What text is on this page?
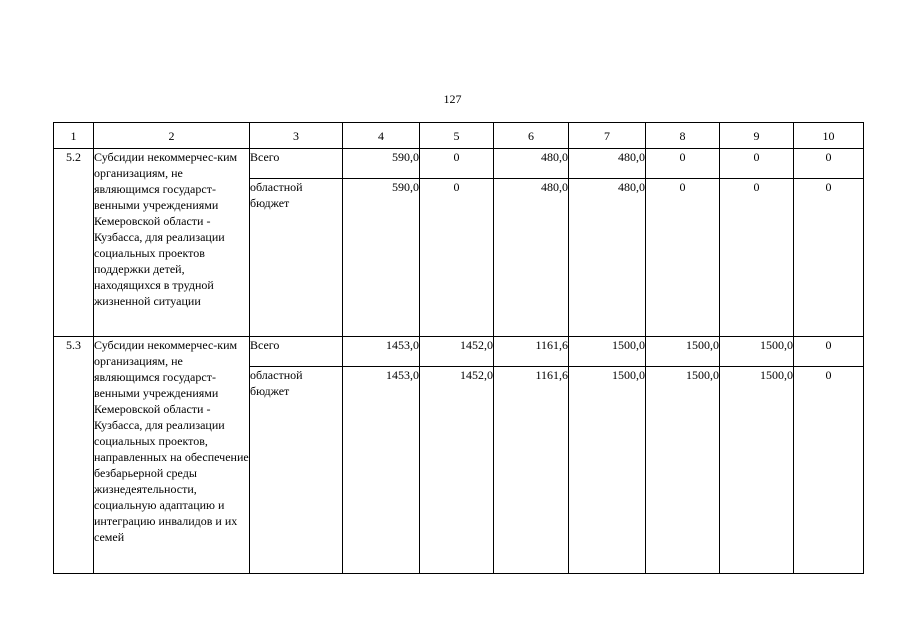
127
1	2	3	4	5	6	7	8	9	10
5.2	Субсидии некоммерчес-ким организациям, не являющимся государст-венными учреждениями Кемеровской области - Кузбасса, для реализации социальных проектов поддержки детей, находящихся в трудной жизненной ситуации	Всего	590,0	0	480,0	480,0	0	0	0
		областной бюджет	590,0	0	480,0	480,0	0	0	0
5.3	Субсидии некоммерчес-ким организациям, не являющимся государст-венными учреждениями Кемеровской области - Кузбасса, для реализации социальных проектов, направленных на обеспечение безбарьерной среды жизнедеятельности, социальную адаптацию и интеграцию инвалидов и их семей	Всего	1453,0	1452,0	1161,6	1500,0	1500,0	1500,0	0
		областной бюджет	1453,0	1452,0	1161,6	1500,0	1500,0	1500,0	0
